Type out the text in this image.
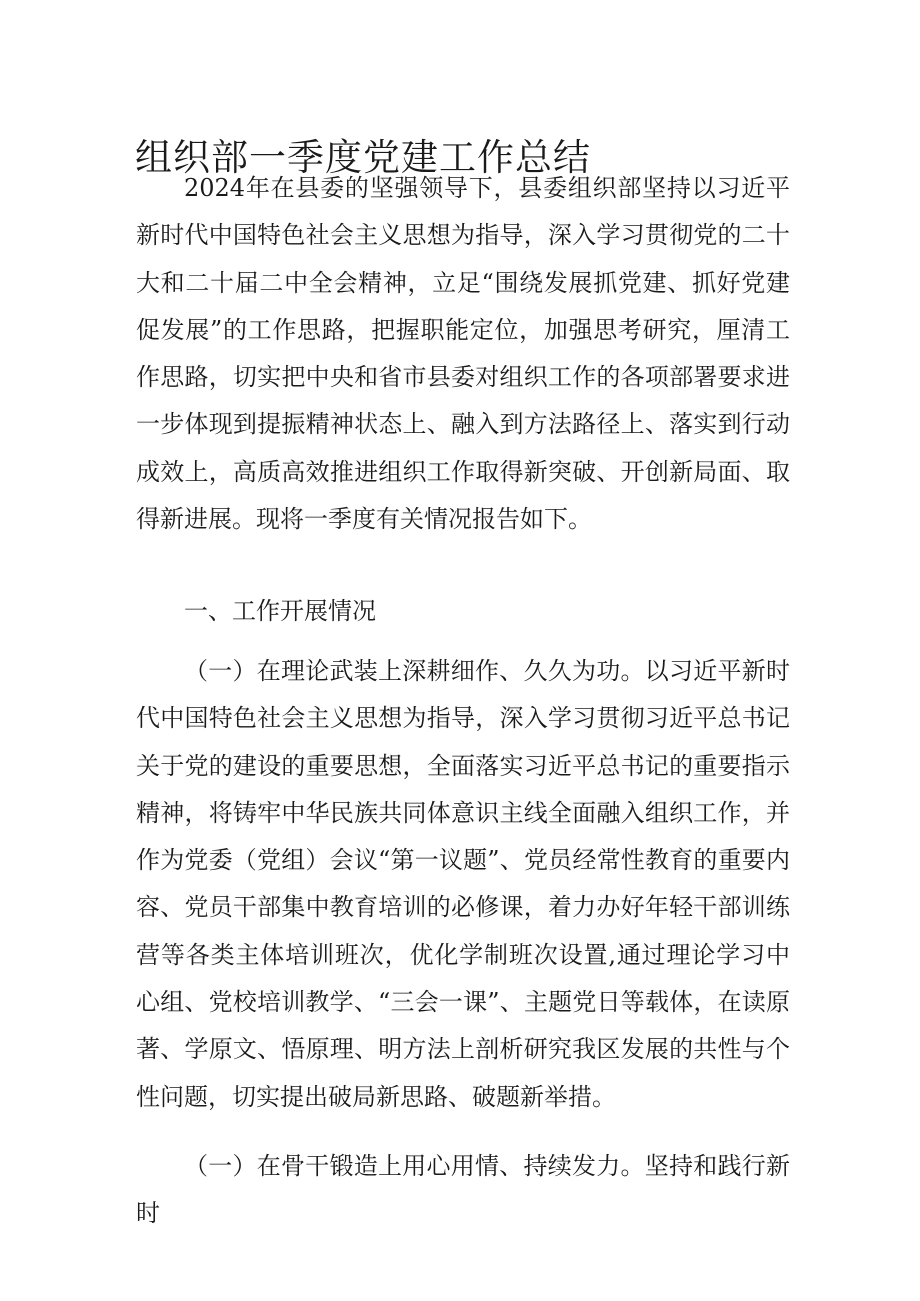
组织部一季度党建工作总结

2024年在县委的坚强领导下，县委组织部坚持以习近平新时代中国特色社会主义思想为指导，深入学习贯彻党的二十大和二十届二中全会精神，立足“围绕发展抓党建、抓好党建促发展”的工作思路，把握职能定位，加强思考研究，厘清工作思路，切实把中央和省市县委对组织工作的各项部署要求进一步体现到提振精神状态上、融入到方法路径上、落实到行动成效上，高质高效推进组织工作取得新突破、开创新局面、取得新进展。现将一季度有关情况报告如下。

一、工作开展情况

（一）在理论武装上深耕细作、久久为功。以习近平新时代中国特色社会主义思想为指导，深入学习贯彻习近平总书记关于党的建设的重要思想，全面落实习近平总书记的重要指示精神，将铸牢中华民族共同体意识主线全面融入组织工作，并作为党委（党组）会议“第一议题”、党员经常性教育的重要内容、党员干部集中教育培训的必修课，着力办好年轻干部训练营等各类主体培训班次，优化学制班次设置,通过理论学习中心组、党校培训教学、“三会一课”、主题党日等载体，在读原著、学原文、悟原理、明方法上剖析研究我区发展的共性与个性问题，切实提出破局新思路、破题新举措。

（一）在骨干锻造上用心用情、持续发力。坚持和践行新时
